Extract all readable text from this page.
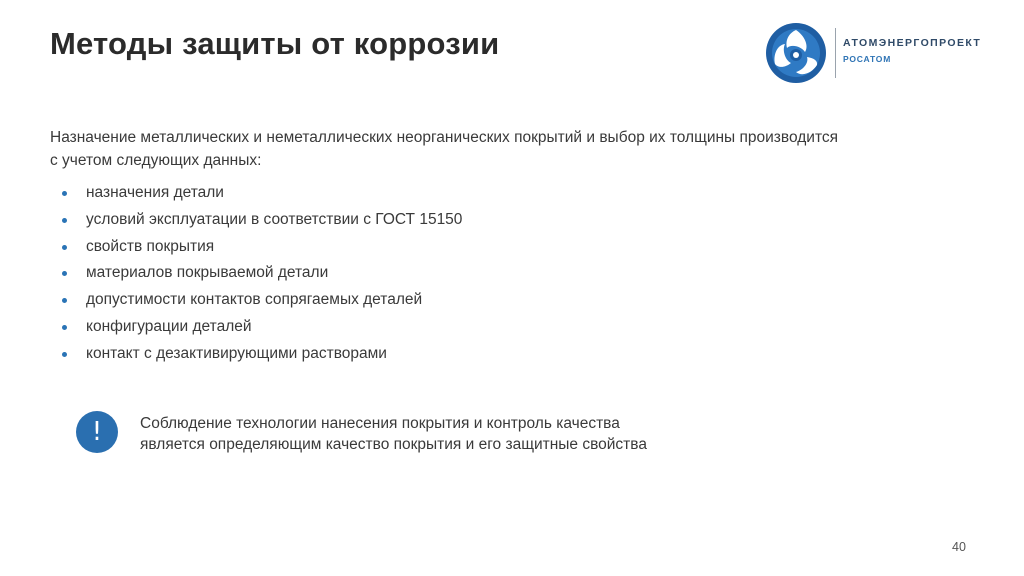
Методы защиты от коррозии	АТОМЭНЕРГОПРОЕКТ
РОСАТОМ
Назначение металлических и неметаллических неорганических покрытий и выбор их толщины производится
с учетом следующих данных:
назначения детали
условий эксплуатации в соответствии с ГОСТ 15150
свойств покрытия
материалов покрываемой детали
допустимости контактов сопрягаемых деталей
конфигурации деталей
контакт с дезактивирующими растворами
!	Соблюдение технологии нанесения покрытия и контроль качества
является определяющим качество покрытия и его защитные свойства
40
